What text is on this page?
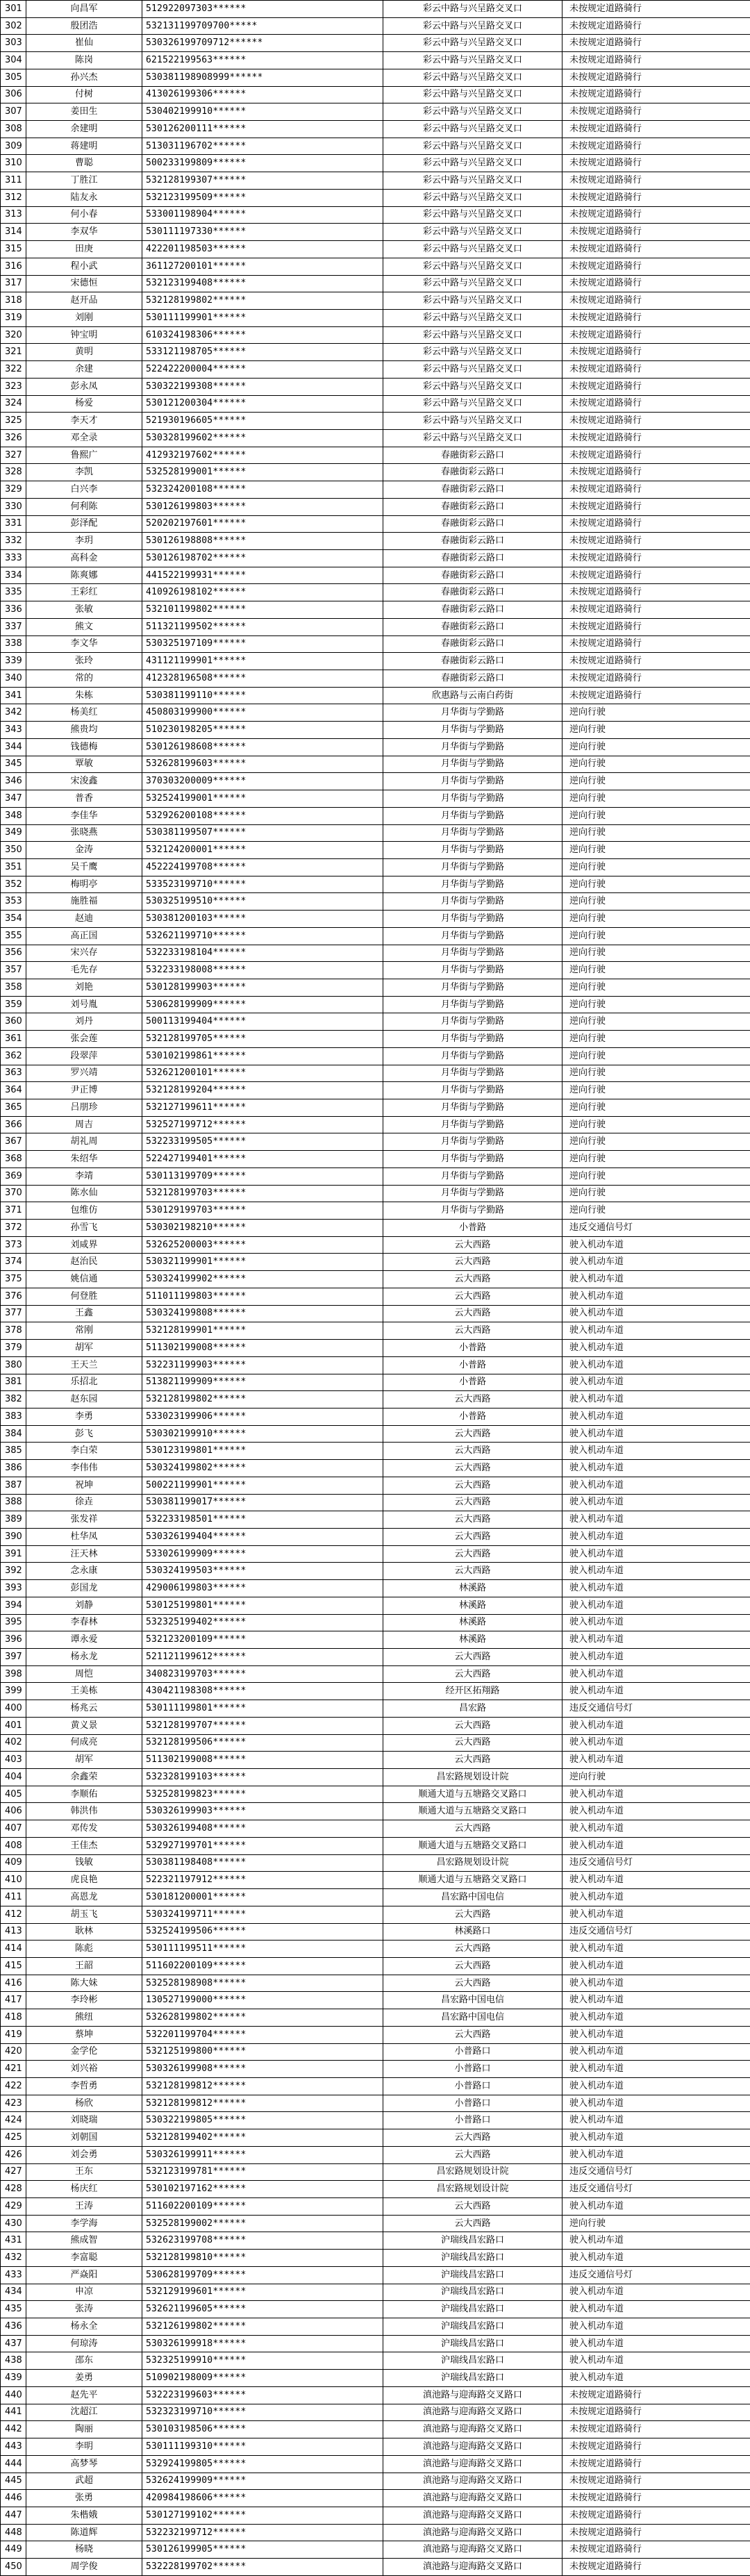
301	向昌军	512922097303******	彩云中路与兴呈路交叉口	未按规定道路骑行
302	殷团浩	532131199709700*****	彩云中路与兴呈路交叉口	未按规定道路骑行
303	崔仙	530326199709712******	彩云中路与兴呈路交叉口	未按规定道路骑行
304	陈岗	621522199563******	彩云中路与兴呈路交叉口	未按规定道路骑行
305	孙兴杰	530381198908999******	彩云中路与兴呈路交叉口	未按规定道路骑行
306	付树	413026199306******	彩云中路与兴呈路交叉口	未按规定道路骑行
307	姜田生	530402199910******	彩云中路与兴呈路交叉口	未按规定道路骑行
308	余建明	530126200111******	彩云中路与兴呈路交叉口	未按规定道路骑行
309	蒋建明	513031196702******	彩云中路与兴呈路交叉口	未按规定道路骑行
310	曹聪	500233199809******	彩云中路与兴呈路交叉口	未按规定道路骑行
311	丁胜江	532128199307******	彩云中路与兴呈路交叉口	未按规定道路骑行
312	陆友永	532123199509******	彩云中路与兴呈路交叉口	未按规定道路骑行
313	何小春	533001198904******	彩云中路与兴呈路交叉口	未按规定道路骑行
314	李双华	530111197330******	彩云中路与兴呈路交叉口	未按规定道路骑行
315	田庚	422201198503******	彩云中路与兴呈路交叉口	未按规定道路骑行
316	程小武	361127200101******	彩云中路与兴呈路交叉口	未按规定道路骑行
317	宋德恒	532123199408******	彩云中路与兴呈路交叉口	未按规定道路骑行
318	赵开品	532128199802******	彩云中路与兴呈路交叉口	未按规定道路骑行
319	刘刚	530111199901******	彩云中路与兴呈路交叉口	未按规定道路骑行
320	钟宝明	610324198306******	彩云中路与兴呈路交叉口	未按规定道路骑行
321	黄明	533121198705******	彩云中路与兴呈路交叉口	未按规定道路骑行
322	余建	522422200004******	彩云中路与兴呈路交叉口	未按规定道路骑行
323	彭永凤	530322199308******	彩云中路与兴呈路交叉口	未按规定道路骑行
324	杨爱	530121200304******	彩云中路与兴呈路交叉口	未按规定道路骑行
325	李天才	521930196605******	彩云中路与兴呈路交叉口	未按规定道路骑行
326	邓全录	530328199602******	彩云中路与兴呈路交叉口	未按规定道路骑行
327	鲁熙广	412932197602******	春融街彩云路口	未按规定道路骑行
328	李凯	532528199001******	春融街彩云路口	未按规定道路骑行
329	白兴李	532324200108******	春融街彩云路口	未按规定道路骑行
330	何利陈	530126199803******	春融街彩云路口	未按规定道路骑行
331	彭泽配	520202197601******	春融街彩云路口	未按规定道路骑行
332	李玥	530126198808******	春融街彩云路口	未按规定道路骑行
333	高科金	530126198702******	春融街彩云路口	未按规定道路骑行
334	陈爽娜	441522199931******	春融街彩云路口	未按规定道路骑行
335	王彩红	410926198102******	春融街彩云路口	未按规定道路骑行
336	张敏	532101199802******	春融街彩云路口	未按规定道路骑行
337	熊文	511321199502******	春融街彩云路口	未按规定道路骑行
338	李文华	530325197109******	春融街彩云路口	未按规定道路骑行
339	张玲	431121199901******	春融街彩云路口	未按规定道路骑行
340	常的	412328196508******	春融街彩云路口	未按规定道路骑行
341	朱栋	530381199110******	欣惠路与云南白药街	未按规定道路骑行
342	杨美红	450803199900******	月华街与学勤路	逆向行驶
343	熊贵均	510230198205******	月华街与学勤路	逆向行驶
344	钱德梅	530126198608******	月华街与学勤路	逆向行驶
345	覃敏	532628199603******	月华街与学勤路	逆向行驶
346	宋浚鑫	370303200009******	月华街与学勤路	逆向行驶
347	普香	532524199001******	月华街与学勤路	逆向行驶
348	李佳华	532926200108******	月华街与学勤路	逆向行驶
349	张晓燕	530381199507******	月华街与学勤路	逆向行驶
350	金涛	532124200001******	月华街与学勤路	逆向行驶
351	吴千鹰	452224199708******	月华街与学勤路	逆向行驶
352	梅明亭	533523199710******	月华街与学勤路	逆向行驶
353	施胜福	530325199510******	月华街与学勤路	逆向行驶
354	赵迪	530381200103******	月华街与学勤路	逆向行驶
355	高正国	532621199710******	月华街与学勤路	逆向行驶
356	宋兴存	532233198104******	月华街与学勤路	逆向行驶
357	毛先存	532233198008******	月华街与学勤路	逆向行驶
358	刘艳	530128199903******	月华街与学勤路	逆向行驶
359	刘号胤	530628199909******	月华街与学勤路	逆向行驶
360	刘丹	500113199404******	月华街与学勤路	逆向行驶
361	张会莲	532128199705******	月华街与学勤路	逆向行驶
362	段翠萍	530102199861******	月华街与学勤路	逆向行驶
363	罗兴靖	532621200101******	月华街与学勤路	逆向行驶
364	尹正博	532128199204******	月华街与学勤路	逆向行驶
365	吕朋珍	532127199611******	月华街与学勤路	逆向行驶
366	周吉	532527199712******	月华街与学勤路	逆向行驶
367	胡礼周	532233199505******	月华街与学勤路	逆向行驶
368	朱绍华	522427199401******	月华街与学勤路	逆向行驶
369	李靖	530113199709******	月华街与学勤路	逆向行驶
370	陈水仙	532128199703******	月华街与学勤路	逆向行驶
371	包维仿	530129199703******	月华街与学勤路	逆向行驶
372	孙雪飞	530302198210******	小普路	违反交通信号灯
373	刘咸界	532625200003******	云大西路	驶入机动车道
374	赵治民	530321199901******	云大西路	驶入机动车道
375	姚信通	530324199902******	云大西路	驶入机动车道
376	何登胜	511011199803******	云大西路	驶入机动车道
377	王鑫	530324199808******	云大西路	驶入机动车道
378	常刚	532128199901******	云大西路	驶入机动车道
379	胡军	511302199008******	小普路	驶入机动车道
380	王天兰	532231199903******	小普路	驶入机动车道
381	乐招北	513821199909******	小普路	驶入机动车道
382	赵东园	532128199802******	云大西路	驶入机动车道
383	李勇	533023199906******	小普路	驶入机动车道
384	彭飞	530302199910******	云大西路	驶入机动车道
385	李白荣	530123199801******	云大西路	驶入机动车道
386	李伟伟	530324199802******	云大西路	驶入机动车道
387	祝坤	500221199901******	云大西路	驶入机动车道
388	徐垚	530381199017******	云大西路	驶入机动车道
389	张发祥	532233198501******	云大西路	驶入机动车道
390	杜华凤	530326199404******	云大西路	驶入机动车道
391	汪天林	533026199909******	云大西路	驶入机动车道
392	念永康	530324199503******	云大西路	驶入机动车道
393	彭国龙	429006199803******	林溪路	驶入机动车道
394	刘静	530125199801******	林溪路	驶入机动车道
395	李春林	532325199402******	林溪路	驶入机动车道
396	谭永爱	532123200109******	林溪路	驶入机动车道
397	杨永龙	521121199612******	云大西路	驶入机动车道
398	周恺	340823199703******	云大西路	驶入机动车道
399	王美栋	430421198308******	经开区拓翔路	驶入机动车道
400	杨兆云	530111199801******	昌宏路	违反交通信号灯
401	黄义景	532128199707******	云大西路	驶入机动车道
402	何成亮	532128199506******	云大西路	驶入机动车道
403	胡军	511302199008******	云大西路	驶入机动车道
404	余鑫荣	532328199103******	昌宏路规划设计院	逆向行驶
405	李顺佑	532528199823******	顺通大道与五塘路交叉路口	驶入机动车道
406	韩洪伟	530326199903******	顺通大道与五塘路交叉路口	驶入机动车道
407	邓传发	530326199408******	云大西路	驶入机动车道
408	王佳杰	532927199701******	顺通大道与五塘路交叉路口	驶入机动车道
409	钱敏	530381198408******	昌宏路规划设计院	违反交通信号灯
410	虎良艳	522321197912******	顺通大道与五塘路交叉路口	驶入机动车道
411	高恩龙	530181200001******	昌宏路中国电信	驶入机动车道
412	胡玉飞	530324199711******	云大西路	驶入机动车道
413	耿林	532524199506******	林溪路口	违反交通信号灯
414	陈彪	530111199511******	云大西路	驶入机动车道
415	王韶	511602200109******	云大西路	驶入机动车道
416	陈大妹	532528198908******	云大西路	驶入机动车道
417	李玲彬	130527199000******	昌宏路中国电信	驶入机动车道
418	熊纽	532628199802******	昌宏路中国电信	驶入机动车道
419	蔡坤	532201199704******	云大西路	驶入机动车道
420	金学伦	532125199800******	小普路口	驶入机动车道
421	刘兴裕	530326199908******	小普路口	驶入机动车道
422	李哲勇	532128199812******	小普路口	驶入机动车道
423	杨欣	532128199812******	小普路口	驶入机动车道
424	刘晓瑞	530322199805******	小普路口	驶入机动车道
425	刘朝国	532128199402******	云大西路	驶入机动车道
426	刘会勇	530326199911******	云大西路	驶入机动车道
427	王东	532123199781******	昌宏路规划设计院	违反交通信号灯
428	杨庆红	530102197162******	昌宏路规划设计院	违反交通信号灯
429	王涛	511602200109******	云大西路	驶入机动车道
430	李学海	532528199002******	云大西路	逆向行驶
431	熊成智	532623199708******	沪瑞线昌宏路口	驶入机动车道
432	李富聪	532128199810******	沪瑞线昌宏路口	驶入机动车道
433	严焱阳	530628199709******	沪瑞线昌宏路口	违反交通信号灯
434	申凉	532129199601******	沪瑞线昌宏路口	驶入机动车道
435	张涛	532621199605******	沪瑞线昌宏路口	驶入机动车道
436	杨永全	532126199802******	沪瑞线昌宏路口	驶入机动车道
437	何琼涛	530326199918******	沪瑞线昌宏路口	驶入机动车道
438	邵东	532325199910******	沪瑞线昌宏路口	驶入机动车道
439	姜勇	510902198009******	沪瑞线昌宏路口	驶入机动车道
440	赵先平	532223199603******	滇池路与迎海路交叉路口	未按规定道路骑行
441	沈超江	532323199710******	滇池路与迎海路交叉路口	未按规定道路骑行
442	陶丽	530103198506******	滇池路与迎海路交叉路口	未按规定道路骑行
443	李明	530111199310******	滇池路与迎海路交叉路口	未按规定道路骑行
444	高梦琴	532924199805******	滇池路与迎海路交叉路口	未按规定道路骑行
445	武超	532624199909******	滇池路与迎海路交叉路口	未按规定道路骑行
446	张勇	420984198606******	滇池路与迎海路交叉路口	未按规定道路骑行
447	朱楷娥	530127199102******	滇池路与迎海路交叉路口	未按规定道路骑行
448	陈道辉	532232199712******	滇池路与迎海路交叉路口	未按规定道路骑行
449	杨晓	530126199905******	滇池路与迎海路交叉路口	未按规定道路骑行
450	周学俊	532228199702******	滇池路与迎海路交叉路口	未按规定道路骑行
